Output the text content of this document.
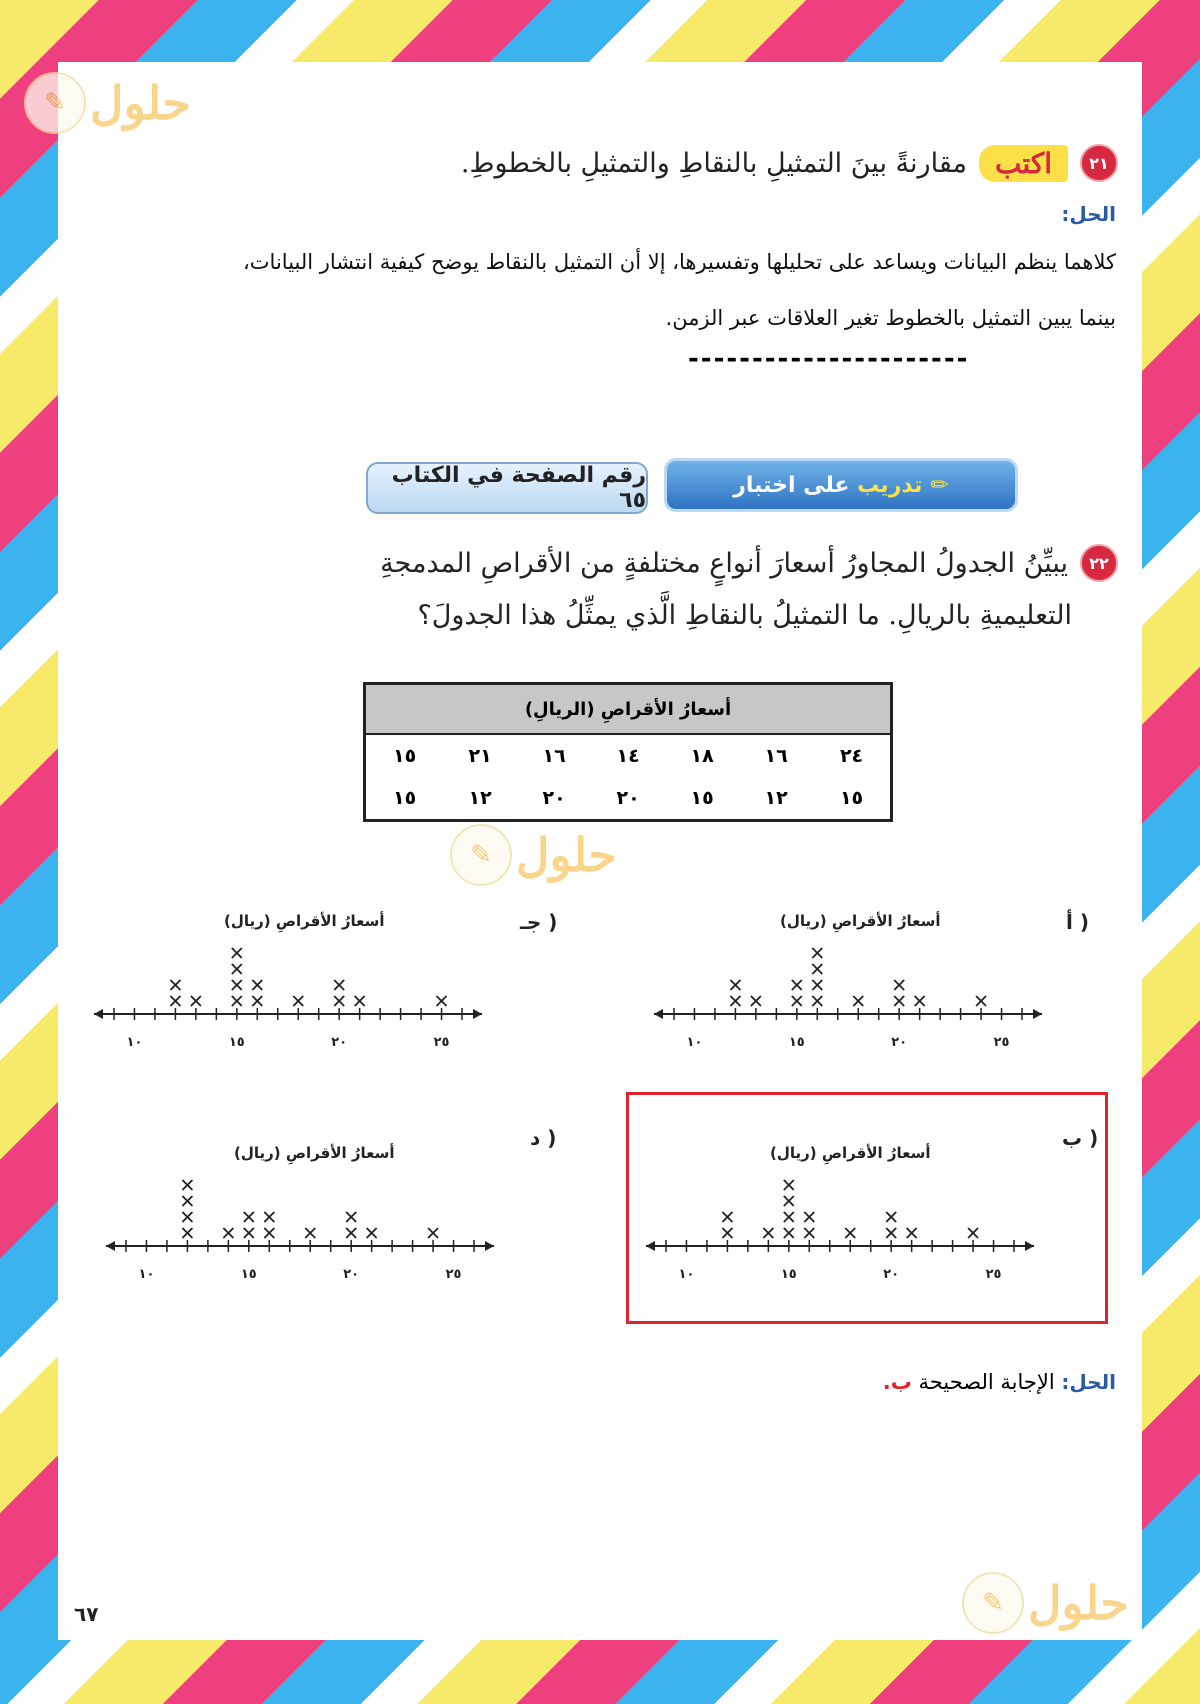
✎ حلول
✎ حلول
✎ حلول
٢١
اكتب
مقارنةً بينَ التمثيلِ بالنقاطِ والتمثيلِ بالخطوطِ.
الحل:
كلاهما ينظم البيانات ويساعد على تحليلها وتفسيرها، إلا أن التمثيل بالنقاط يوضح كيفية انتشار البيانات،
بينما يبين التمثيل بالخطوط تغير العلاقات عبر الزمن.
----------------------
✏
تدريب

على اختبار
رقم الصفحة في الكتاب ٦٥
٢٢
يبيِّنُ الجدولُ المجاورُ أسعارَ أنواعٍ مختلفةٍ من الأقراصِ المدمجةِ
التعليميةِ بالريالِ. ما التمثيلُ بالنقاطِ الَّذي يمثِّلُ هذا الجدولَ؟
أسعارُ الأقراصِ (الريالِ)						
٢٤	١٦	١٨	١٤	١٦	٢١	١٥
١٥	١٢	١٥	٢٠	٢٠	١٢	١٥
أ )
ب )
جـ )
د )
أسعارُ الأقراصِ (ريال)
أسعارُ الأقراصِ (ريال)
أسعارُ الأقراصِ (ريال)
أسعارُ الأقراصِ (ريال)
١٠	١٥	٢٠	٢٥
١٠	١٥	٢٠	٢٥
١٠	١٥	٢٠	٢٥
١٠	١٥	٢٠	٢٥
الحل: الإجابة الصحيحة ب.
٦٧
